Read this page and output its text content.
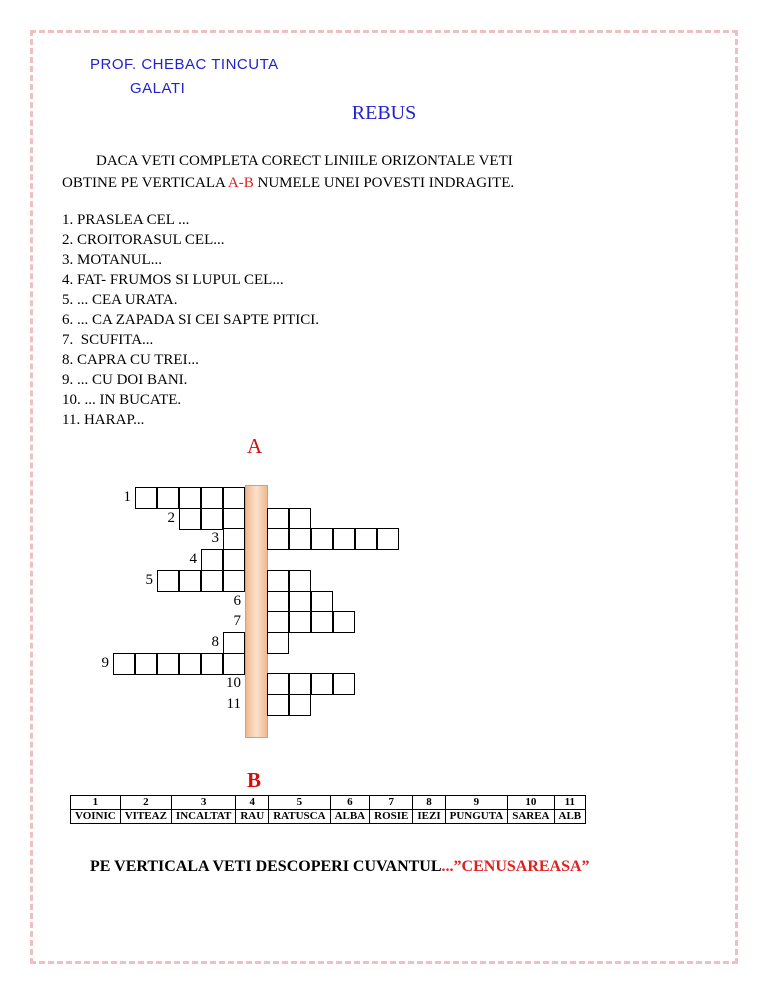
PROF. CHEBAC TINCUTA
GALATI
REBUS
DACA VETI COMPLETA CORECT LINIILE ORIZONTALE VETI
OBTINE PE VERTICALA A-B NUMELE UNEI POVESTI INDRAGITE.
1. PRASLEA CEL ...
2. CROITORASUL CEL...
3. MOTANUL...
4. FAT- FRUMOS SI LUPUL CEL...
5. ... CEA URATA.
6. ... CA ZAPADA SI CEI SAPTE PITICI.
7.  SCUFITA...
8. CAPRA CU TREI...
9. ... CU DOI BANI.
10. ... IN BUCATE.
11. HARAP...
A
1
2
3
4
5
6
7
8
9
10
11
B
1	2	3	4	5	6	7	8	9	10	11
VOINIC	VITEAZ	INCALTAT	RAU	RATUSCA	ALBA	ROSIE	IEZI	PUNGUTA	SAREA	ALB
PE VERTICALA VETI DESCOPERI CUVANTUL...”CENUSAREASA”
